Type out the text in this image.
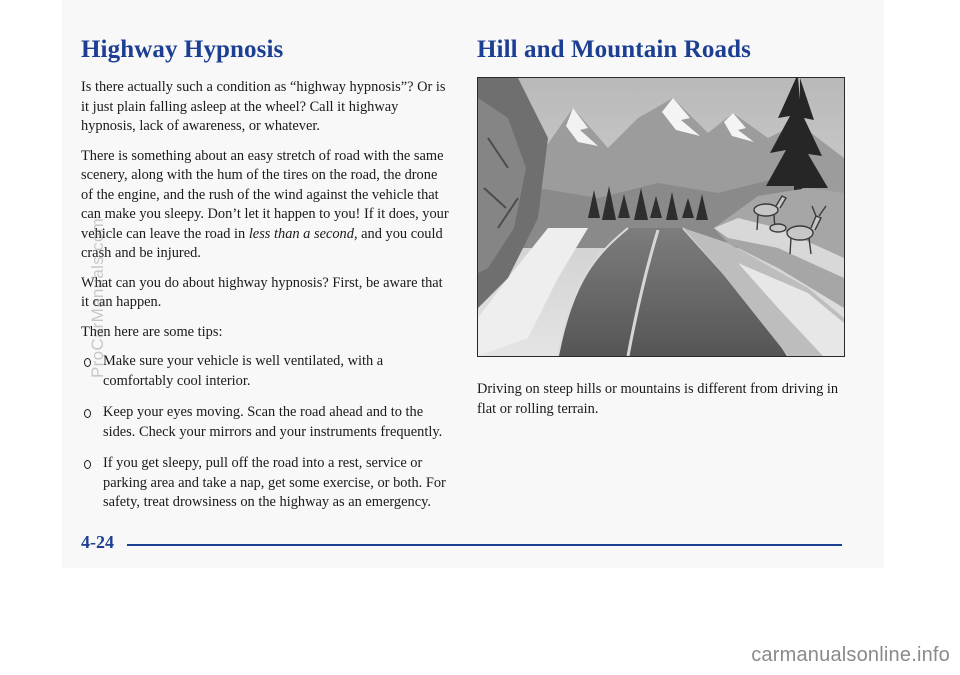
Highway Hypnosis

Is there actually such a condition as “highway hypnosis”? Or is it just plain falling asleep at the wheel? Call it highway hypnosis, lack of awareness, or whatever.

There is something about an easy stretch of road with the same scenery, along with the hum of the tires on the road, the drone of the engine, and the rush of the wind against the vehicle that can make you sleepy. Don’t let it happen to you! If it does, your vehicle can leave the road in less than a second, and you could crash and be injured.

What can you do about highway hypnosis? First, be aware that it can happen.

Then here are some tips:

Make sure your vehicle is well ventilated, with a comfortably cool interior.
Keep your eyes moving. Scan the road ahead and to the sides. Check your mirrors and your instruments frequently.
If you get sleepy, pull off the road into a rest, service or parking area and take a nap, get some exercise, or both. For safety, treat drowsiness on the highway as an emergency.
Hill and Mountain Roads

Driving on steep hills or mountains is different from driving in flat or rolling terrain.

4-24
ProCarManuals.com
carmanualsonline.info
